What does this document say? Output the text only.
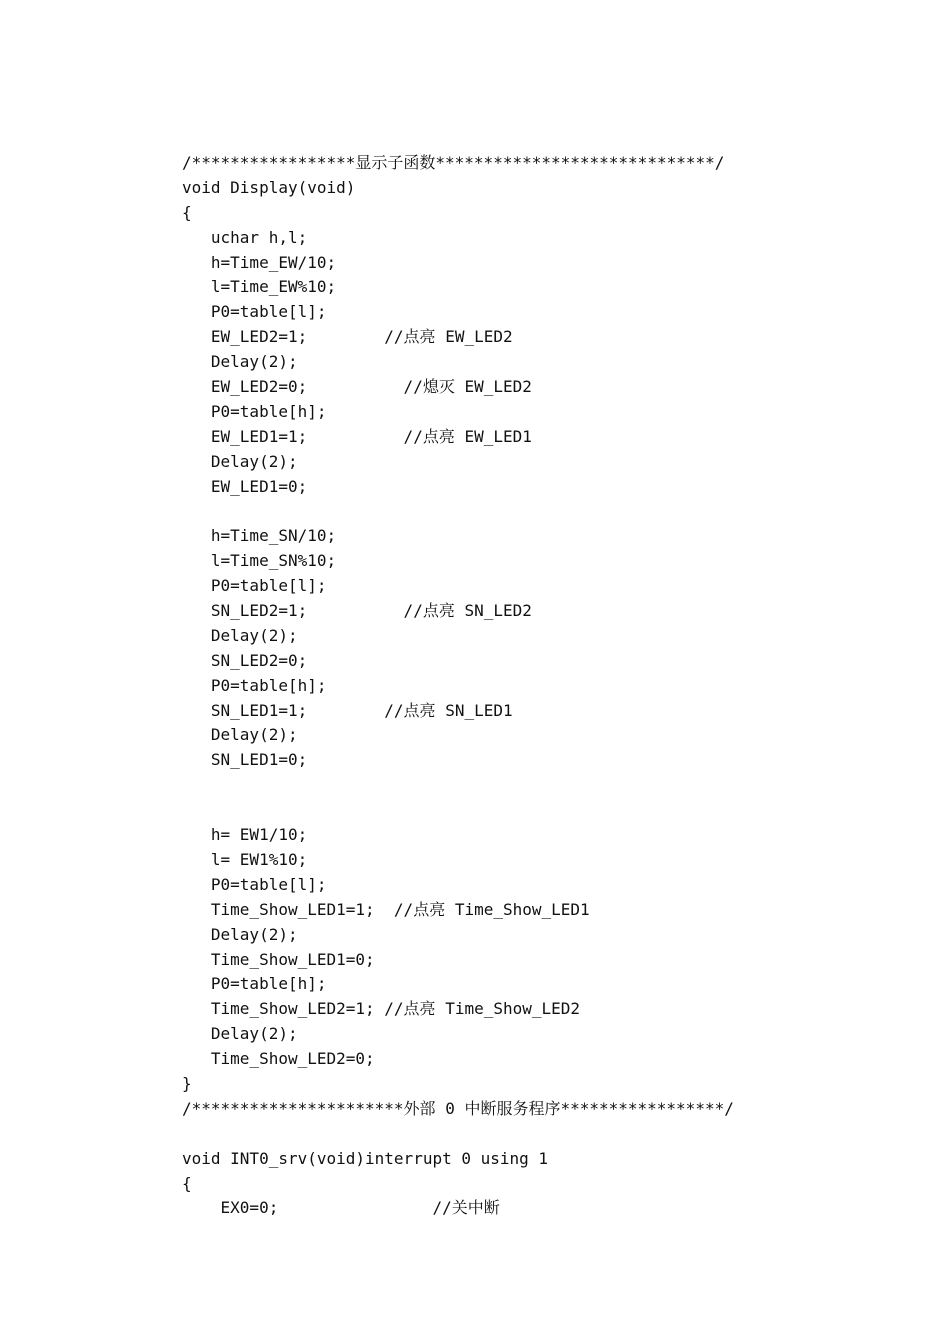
/*****************显示子函数*****************************/
void Display(void)
{
uchar h,l;
h=Time_EW/10;
l=Time_EW%10;
P0=table[l];
EW_LED2=1;        //点亮 EW_LED2
Delay(2);
EW_LED2=0;          //熄灭 EW_LED2
P0=table[h];
EW_LED1=1;          //点亮 EW_LED1
Delay(2);
EW_LED1=0;
h=Time_SN/10;
l=Time_SN%10;
P0=table[l];
SN_LED2=1;          //点亮 SN_LED2
Delay(2);
SN_LED2=0;
P0=table[h];
SN_LED1=1;        //点亮 SN_LED1
Delay(2);
SN_LED1=0;
h= EW1/10;
l= EW1%10;
P0=table[l];
Time_Show_LED1=1;  //点亮 Time_Show_LED1
Delay(2);
Time_Show_LED1=0;
P0=table[h];
Time_Show_LED2=1; //点亮 Time_Show_LED2
Delay(2);
Time_Show_LED2=0;
}
/**********************外部 0 中断服务程序*****************/
void INT0_srv(void)interrupt 0 using 1
{
EX0=0;                //关中断
